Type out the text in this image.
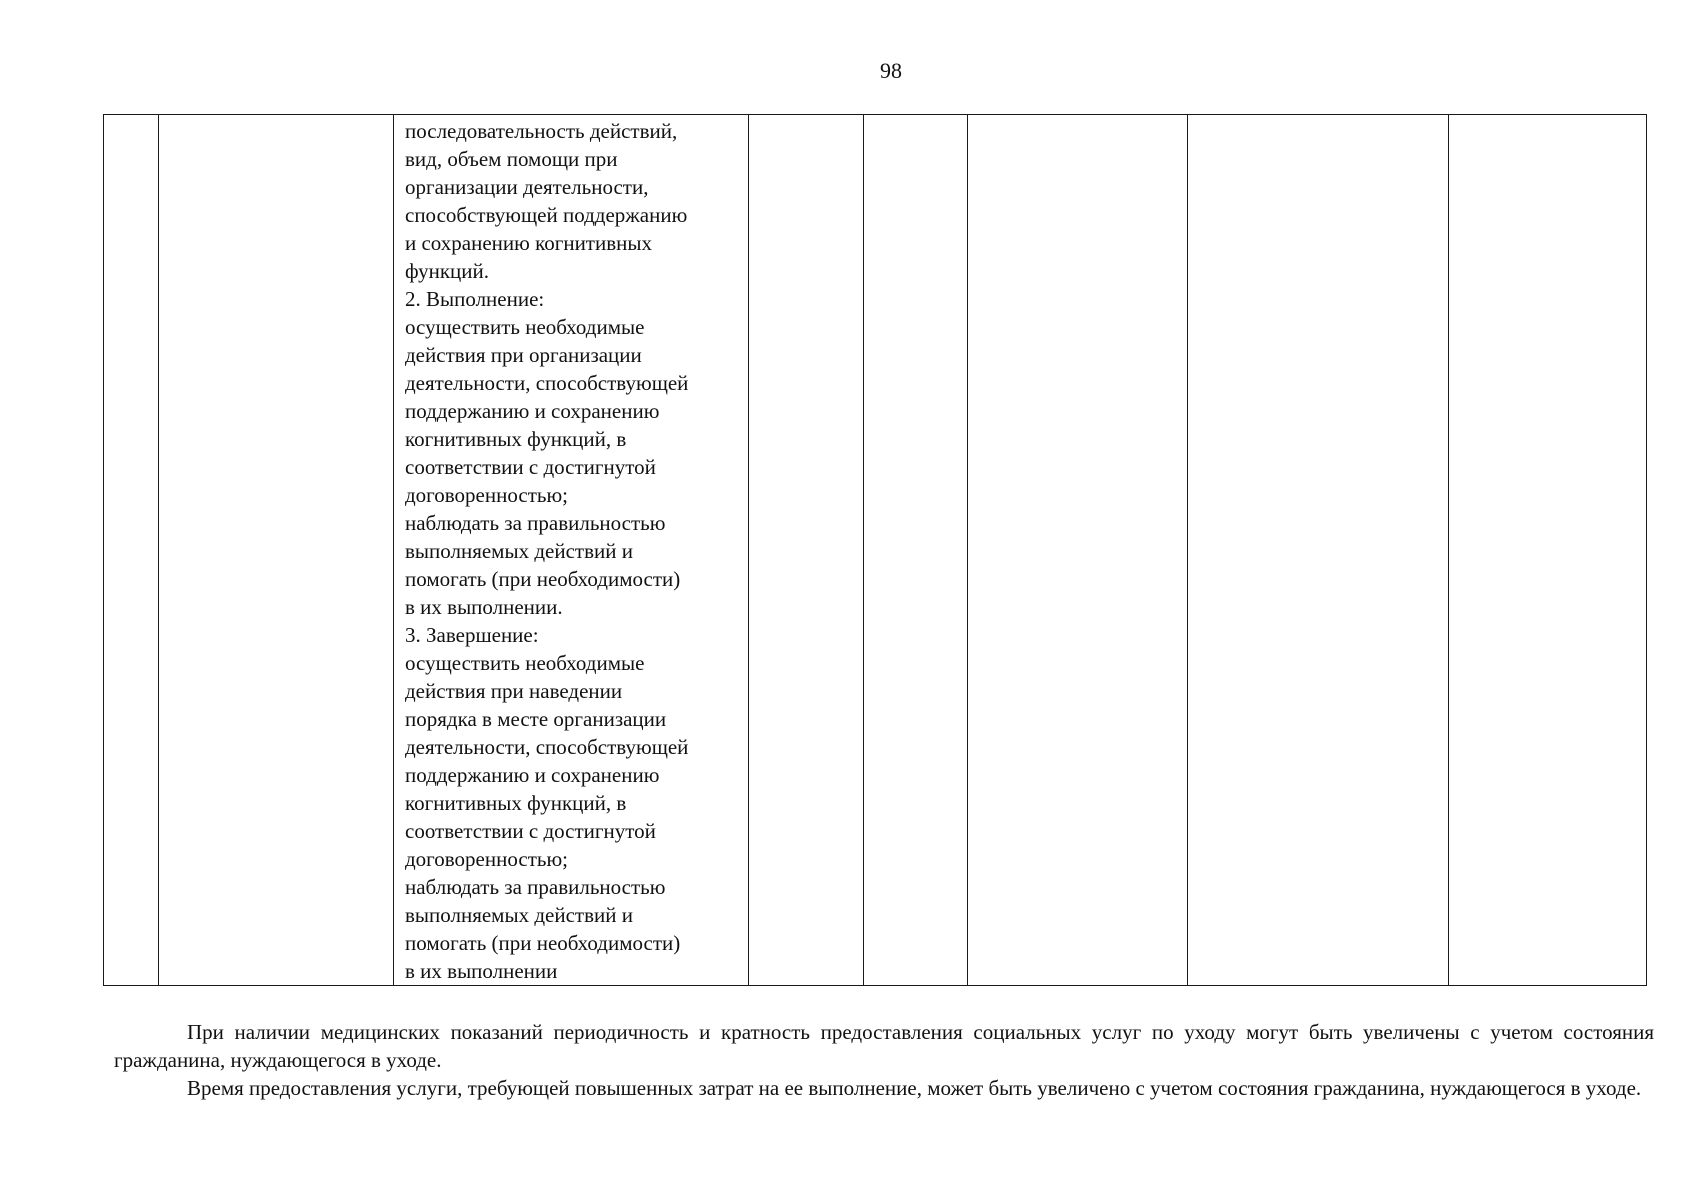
98

последовательность действий,
вид, объем помощи при
организации деятельности,
способствующей поддержанию
и сохранению когнитивных
функций.
2. Выполнение:
осуществить необходимые
действия при организации
деятельности, способствующей
поддержанию и сохранению
когнитивных функций, в
соответствии с достигнутой
договоренностью;
наблюдать за правильностью
выполняемых действий и
помогать (при необходимости)
в их выполнении.
3. Завершение:
осуществить необходимые
действия при наведении
порядка в месте организации
деятельности, способствующей
поддержанию и сохранению
когнитивных функций, в
соответствии с достигнутой
договоренностью;
наблюдать за правильностью
выполняемых действий и
помогать (при необходимости)
в их выполнении

При наличии медицинских показаний периодичность и кратность предоставления социальных услуг по уходу могут быть увеличены с учетом состояния гражданина, нуждающегося в уходе.

Время предоставления услуги, требующей повышенных затрат на ее выполнение, может быть увеличено с учетом состояния гражданина, нуждающегося в уходе.
